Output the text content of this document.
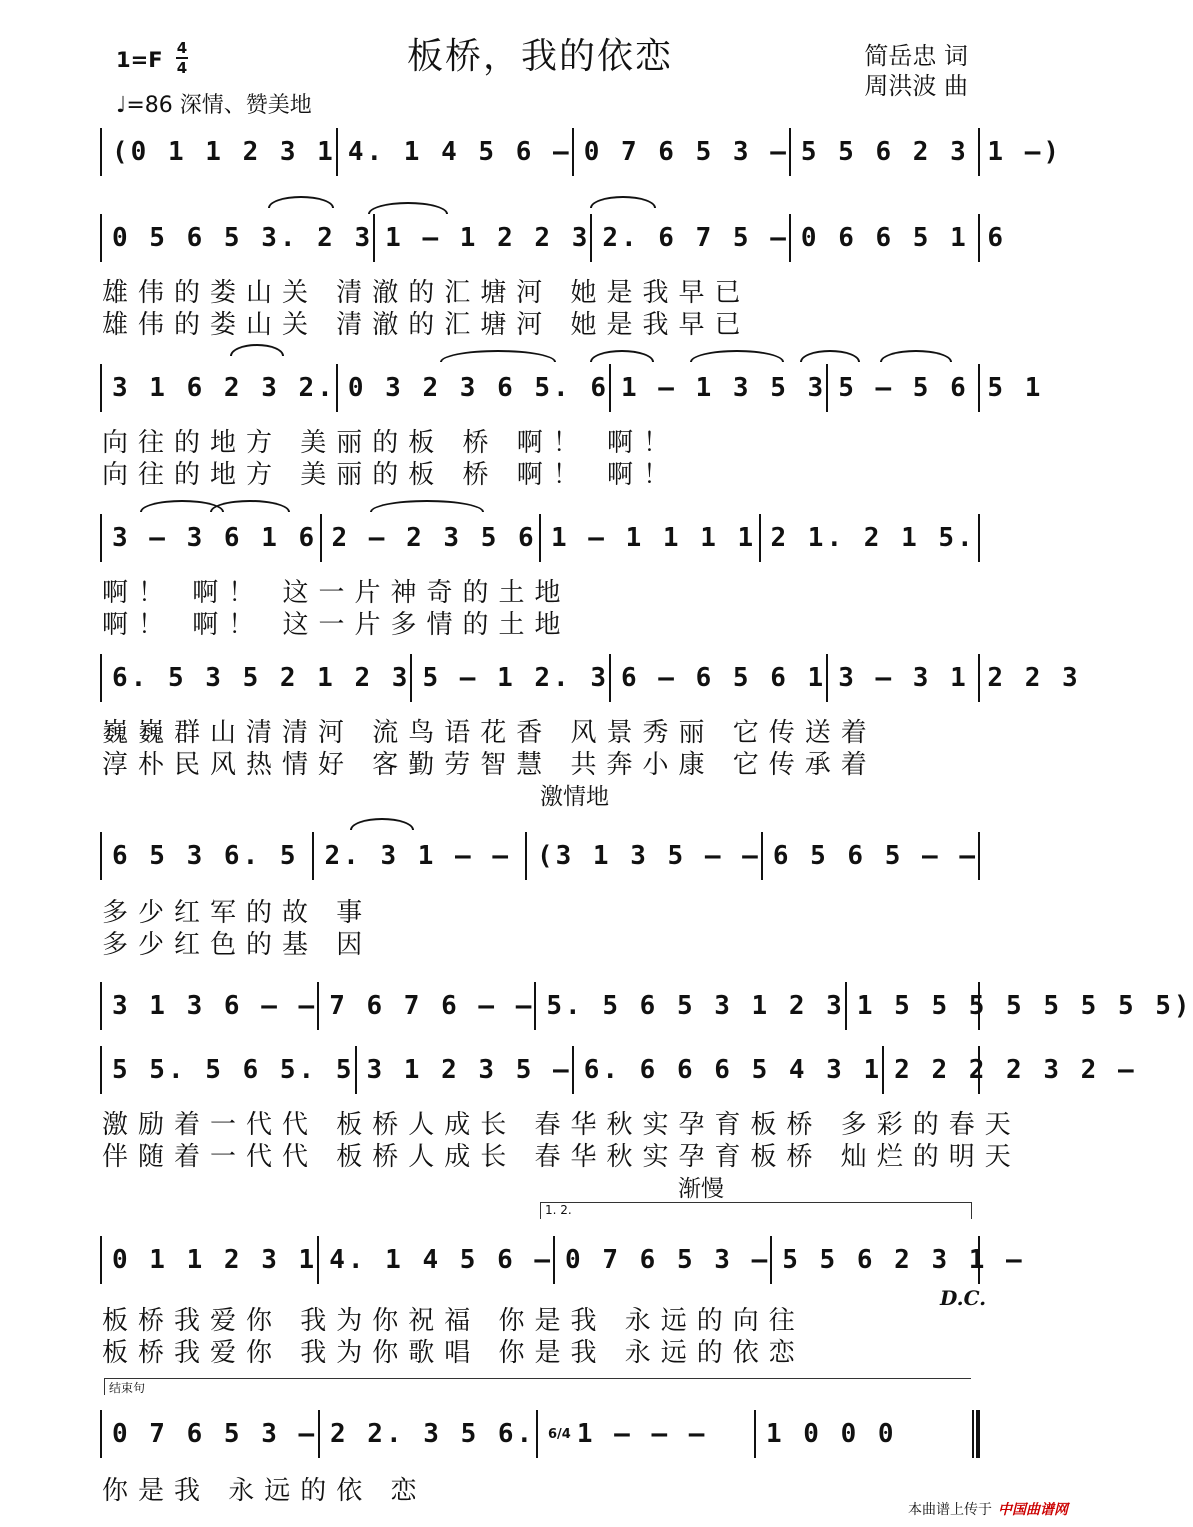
板桥，我的依恋
1=F 4
4
♩=86 深情、赞美地
简岳忠 词
周洪波 曲
(0 1 1 2 3 1 4. 1 4 5 6 – 0 7 6 5 3 – 5 5 6 2 3 1 –)
0 5 6 5 3. 2 3 1 – 1 2 2 3 2. 6 7 5 – 0 6 6 5 1 6
雄伟的娄山关 清澈的汇塘河 她是我早已
雄伟的娄山关 清澈的汇塘河 她是我早已
3 1 6 2 3 2. 0 3 2 3 6 5. 6 1 – 1 3 5 3 5 – 5 6 5 1
向往的地方 美丽的板 桥 啊！ 啊！
向往的地方 美丽的板 桥 啊！ 啊！
3 – 3 6 1 6 2 – 2 3 5 6 1 – 1 1 1 1 2 1. 2 1 5.
啊！ 啊！ 这一片神奇的土地
啊！ 啊！ 这一片多情的土地
6. 5 3 5 2 1 2 3 5 – 1 2. 3 6 – 6 5 6 1 3 – 3 1 2 2 3
巍巍群山清清河 流鸟语花香 风景秀丽 它传送着
淳朴民风热情好 客勤劳智慧 共奔小康 它传承着
激情地
6 5 3 6. 5 2. 3 1 – – (3 1 3 5 – – 6 5 6 5 – –
多少红军的故 事
多少红色的基 因
3 1 3 6 – – 7 6 7 6 – – 5. 5 6 5 3 1 2 3 1 5 5 5 5 5 5 5 5)
5 5. 5 6 5. 5 3 1 2 3 5 – 6. 6 6 6 5 4 3 1 2 2 2 2 3 2 –
激励着一代代 板桥人成长 春华秋实孕育板桥 多彩的春天
伴随着一代代 板桥人成长 春华秋实孕育板桥 灿烂的明天
渐慢
1. 2.
0 1 1 2 3 1 4. 1 4 5 6 – 0 7 6 5 3 – 5 5 6 2 3 1 –
D.C.
板桥我爱你 我为你祝福 你是我 永远的向往
板桥我爱你 我为你歌唱 你是我 永远的依恋
结束句
0 7 6 5 3 – 2 2. 3 5 6. 6/4 1 – – – 1 0 0 0
你是我 永远的依 恋
本曲谱上传于 中国曲谱网
